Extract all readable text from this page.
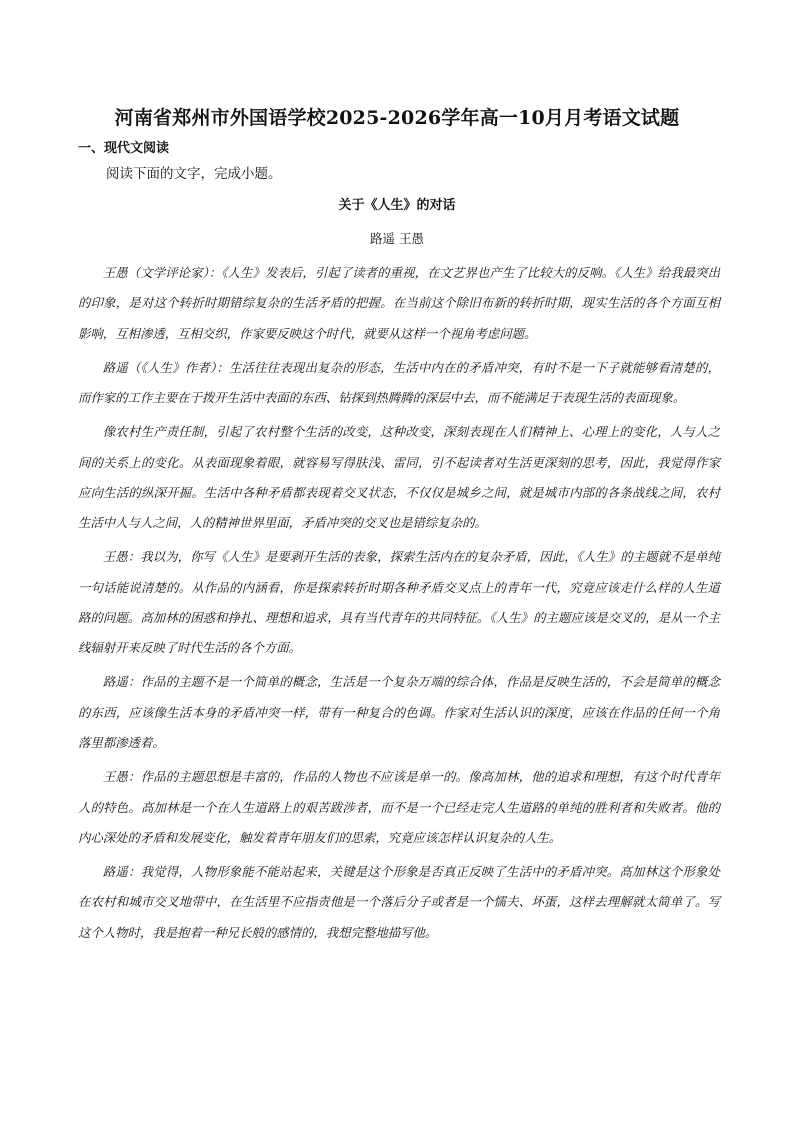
河南省郑州市外国语学校2025-2026学年高一10月月考语文试题
一、现代文阅读
阅读下面的文字，完成小题。
关于《人生》的对话
路遥 王愚

王愚（文学评论家）：《人生》发表后，引起了读者的重视，在文艺界也产生了比较大的反响。《人生》给我最突出的印象，是对这个转折时期错综复杂的生活矛盾的把握。在当前这个除旧布新的转折时期，现实生活的各个方面互相影响，互相渗透，互相交织，作家要反映这个时代，就要从这样一个视角考虑问题。

路遥（《人生》作者）：生活往往表现出复杂的形态，生活中内在的矛盾冲突，有时不是一下子就能够看清楚的，而作家的工作主要在于拨开生活中表面的东西、钻探到热腾腾的深层中去，而不能满足于表现生活的表面现象。

像农村生产责任制，引起了农村整个生活的改变，这种改变，深刻表现在人们精神上、心理上的变化，人与人之间的关系上的变化。从表面现象着眼，就容易写得肤浅、雷同，引不起读者对生活更深刻的思考，因此，我觉得作家应向生活的纵深开掘。生活中各种矛盾都表现着交叉状态，不仅仅是城乡之间，就是城市内部的各条战线之间，农村生活中人与人之间，人的精神世界里面，矛盾冲突的交叉也是错综复杂的。

王愚：我以为，你写《人生》是要剥开生活的表象，探索生活内在的复杂矛盾，因此，《人生》的主题就不是单纯一句话能说清楚的。从作品的内涵看，你是探索转折时期各种矛盾交叉点上的青年一代，究竟应该走什么样的人生道路的问题。高加林的困惑和挣扎、理想和追求，具有当代青年的共同特征。《人生》的主题应该是交叉的，是从一个主线辐射开来反映了时代生活的各个方面。

路遥：作品的主题不是一个简单的概念，生活是一个复杂万端的综合体，作品是反映生活的，不会是简单的概念的东西，应该像生活本身的矛盾冲突一样，带有一种复合的色调。作家对生活认识的深度，应该在作品的任何一个角落里都渗透着。

王愚：作品的主题思想是丰富的，作品的人物也不应该是单一的。像高加林，他的追求和理想，有这个时代青年人的特色。高加林是一个在人生道路上的艰苦跋涉者，而不是一个已经走完人生道路的单纯的胜利者和失败者。他的内心深处的矛盾和发展变化，触发着青年朋友们的思索，究竟应该怎样认识复杂的人生。

路遥：我觉得，人物形象能不能站起来，关键是这个形象是否真正反映了生活中的矛盾冲突。高加林这个形象处在农村和城市交叉地带中，在生活里不应指责他是一个落后分子或者是一个懦夫、坏蛋，这样去理解就太简单了。写这个人物时，我是抱着一种兄长般的感情的，我想完整地描写他。
